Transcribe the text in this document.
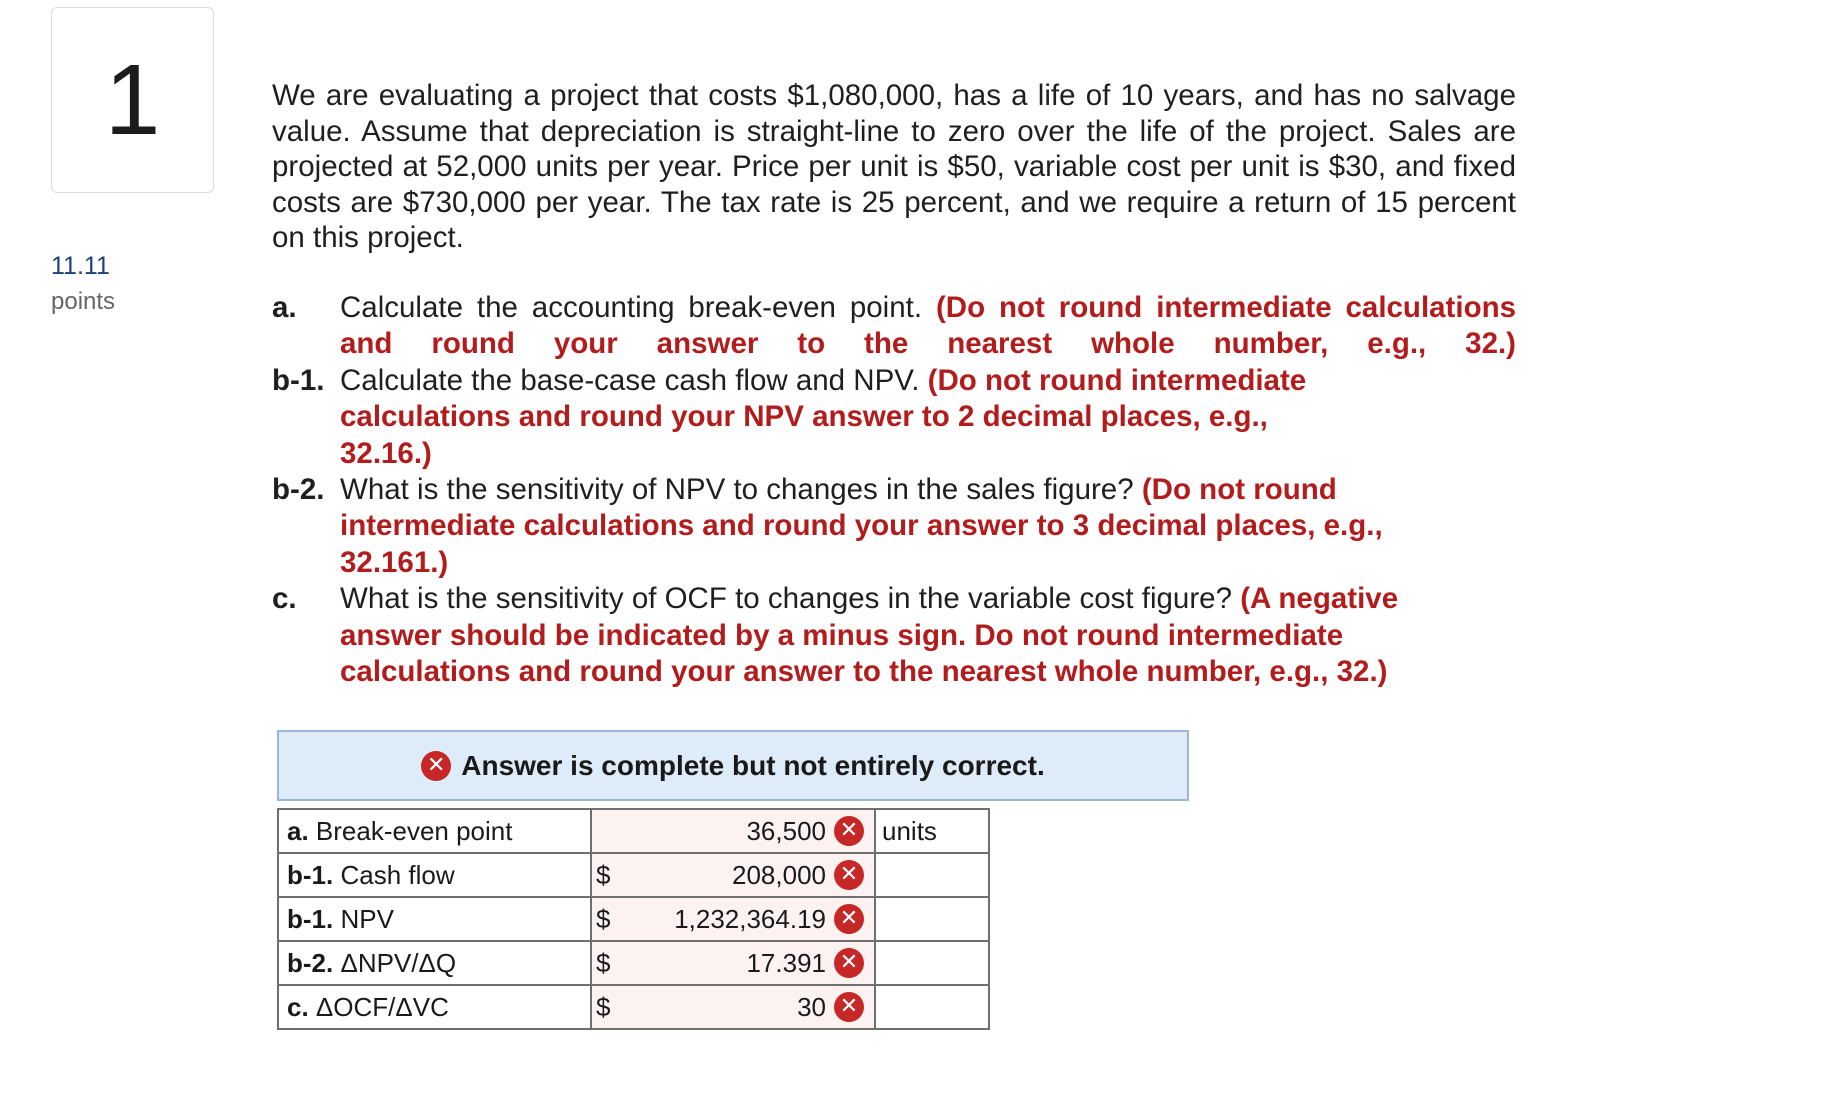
1
11.11
points
We are evaluating a project that costs $1,080,000, has a life of 10 years, and has no salvage value. Assume that depreciation is straight-line to zero over the life of the project. Sales are projected at 52,000 units per year. Price per unit is $50, variable cost per unit is $30, and fixed costs are $730,000 per year. The tax rate is 25 percent, and we require a return of 15 percent on this project.
a.	Calculate the accounting break-even point. (Do not round intermediate calculations and round your answer to the nearest whole number, e.g., 32.)
b-1. Calculate the base-case cash flow and NPV. (Do not round intermediate calculations and round your NPV answer to 2 decimal places, e.g., 32.16.)
b-2. What is the sensitivity of NPV to changes in the sales figure? (Do not round intermediate calculations and round your answer to 3 decimal places, e.g., 32.161.)
c.	What is the sensitivity of OCF to changes in the variable cost figure? (A negative answer should be indicated by a minus sign. Do not round intermediate calculations and round your answer to the nearest whole number, e.g., 32.)
✕ Answer is complete but not entirely correct.
a. Break-even point	36,500 ✕	units
b-1. Cash flow	$ 208,000 ✕	

b-1. NPV	$ 1,232,364.19 ✕	

b-2. ΔNPV/ΔQ	$ 17.391 ✕	

c. ΔOCF/ΔVC	$ 30 ✕	
